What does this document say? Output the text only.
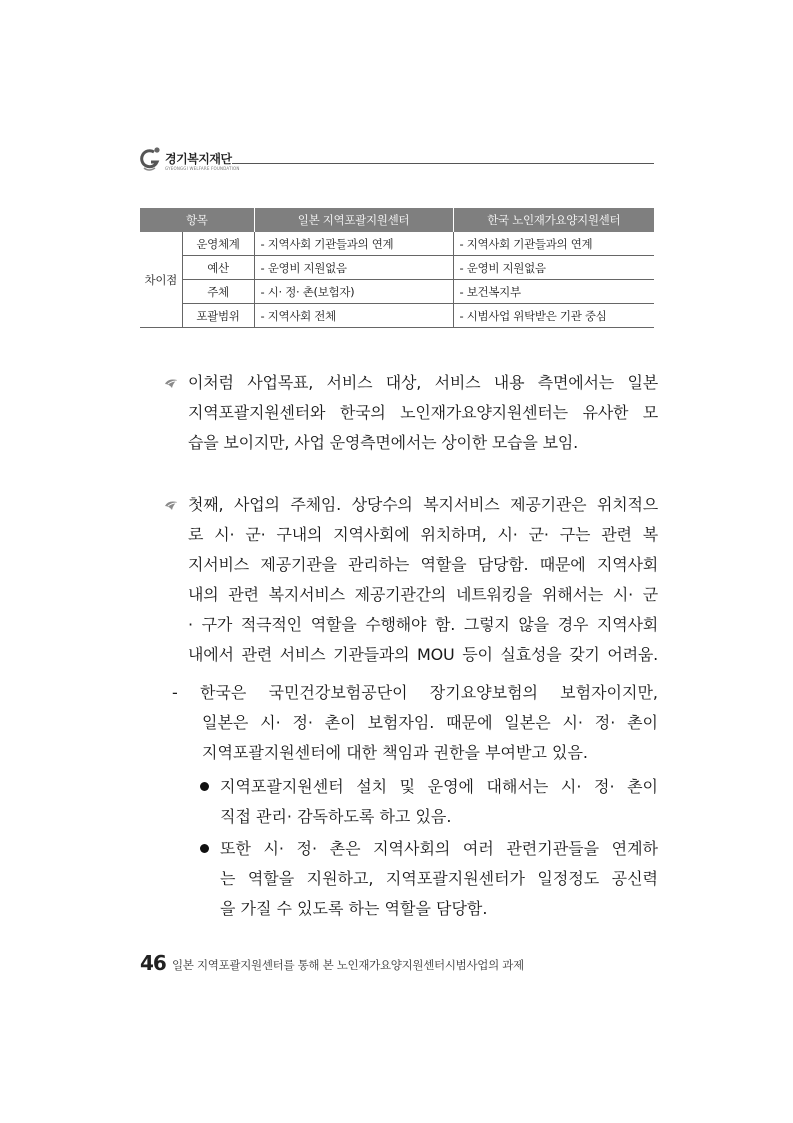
경기복지재단
GYEONGGI WELFARE FOUNDATION
항목		일본 지역포괄지원센터	한국 노인재가요양지원센터
차이점	운영체계	- 지역사회 기관들과의 연계	- 지역사회 기관들과의 연계
	예산	- 운영비 지원없음	- 운영비 지원없음
	주체	- 시· 정· 촌(보험자)	- 보건복지부
	포괄범위	- 지역사회 전체	- 시범사업 위탁받은 기관 중심
이처럼 사업목표, 서비스 대상, 서비스 내용 측면에서는 일본
지역포괄지원센터와 한국의 노인재가요양지원센터는 유사한 모
습을 보이지만, 사업 운영측면에서는 상이한 모습을 보임.
첫째, 사업의 주체임. 상당수의 복지서비스 제공기관은 위치적으
로 시· 군· 구내의 지역사회에 위치하며, 시· 군· 구는 관련 복
지서비스 제공기관을 관리하는 역할을 담당함. 때문에 지역사회
내의 관련 복지서비스 제공기관간의 네트워킹을 위해서는 시· 군
· 구가 적극적인 역할을 수행해야 함. 그렇지 않을 경우 지역사회
내에서 관련 서비스 기관들과의 MOU 등이 실효성을 갖기 어려움.
- 한국은 국민건강보험공단이 장기요양보험의 보험자이지만,
일본은 시· 정· 촌이 보험자임. 때문에 일본은 시· 정· 촌이
지역포괄지원센터에 대한 책임과 권한을 부여받고 있음.
지역포괄지원센터 설치 및 운영에 대해서는 시· 정· 촌이
직접 관리· 감독하도록 하고 있음.
또한 시· 정· 촌은 지역사회의 여러 관련기관들을 연계하
는 역할을 지원하고, 지역포괄지원센터가 일정정도 공신력
을 가질 수 있도록 하는 역할을 담당함.
46 일본 지역포괄지원센터를 통해 본 노인재가요양지원센터시범사업의 과제
